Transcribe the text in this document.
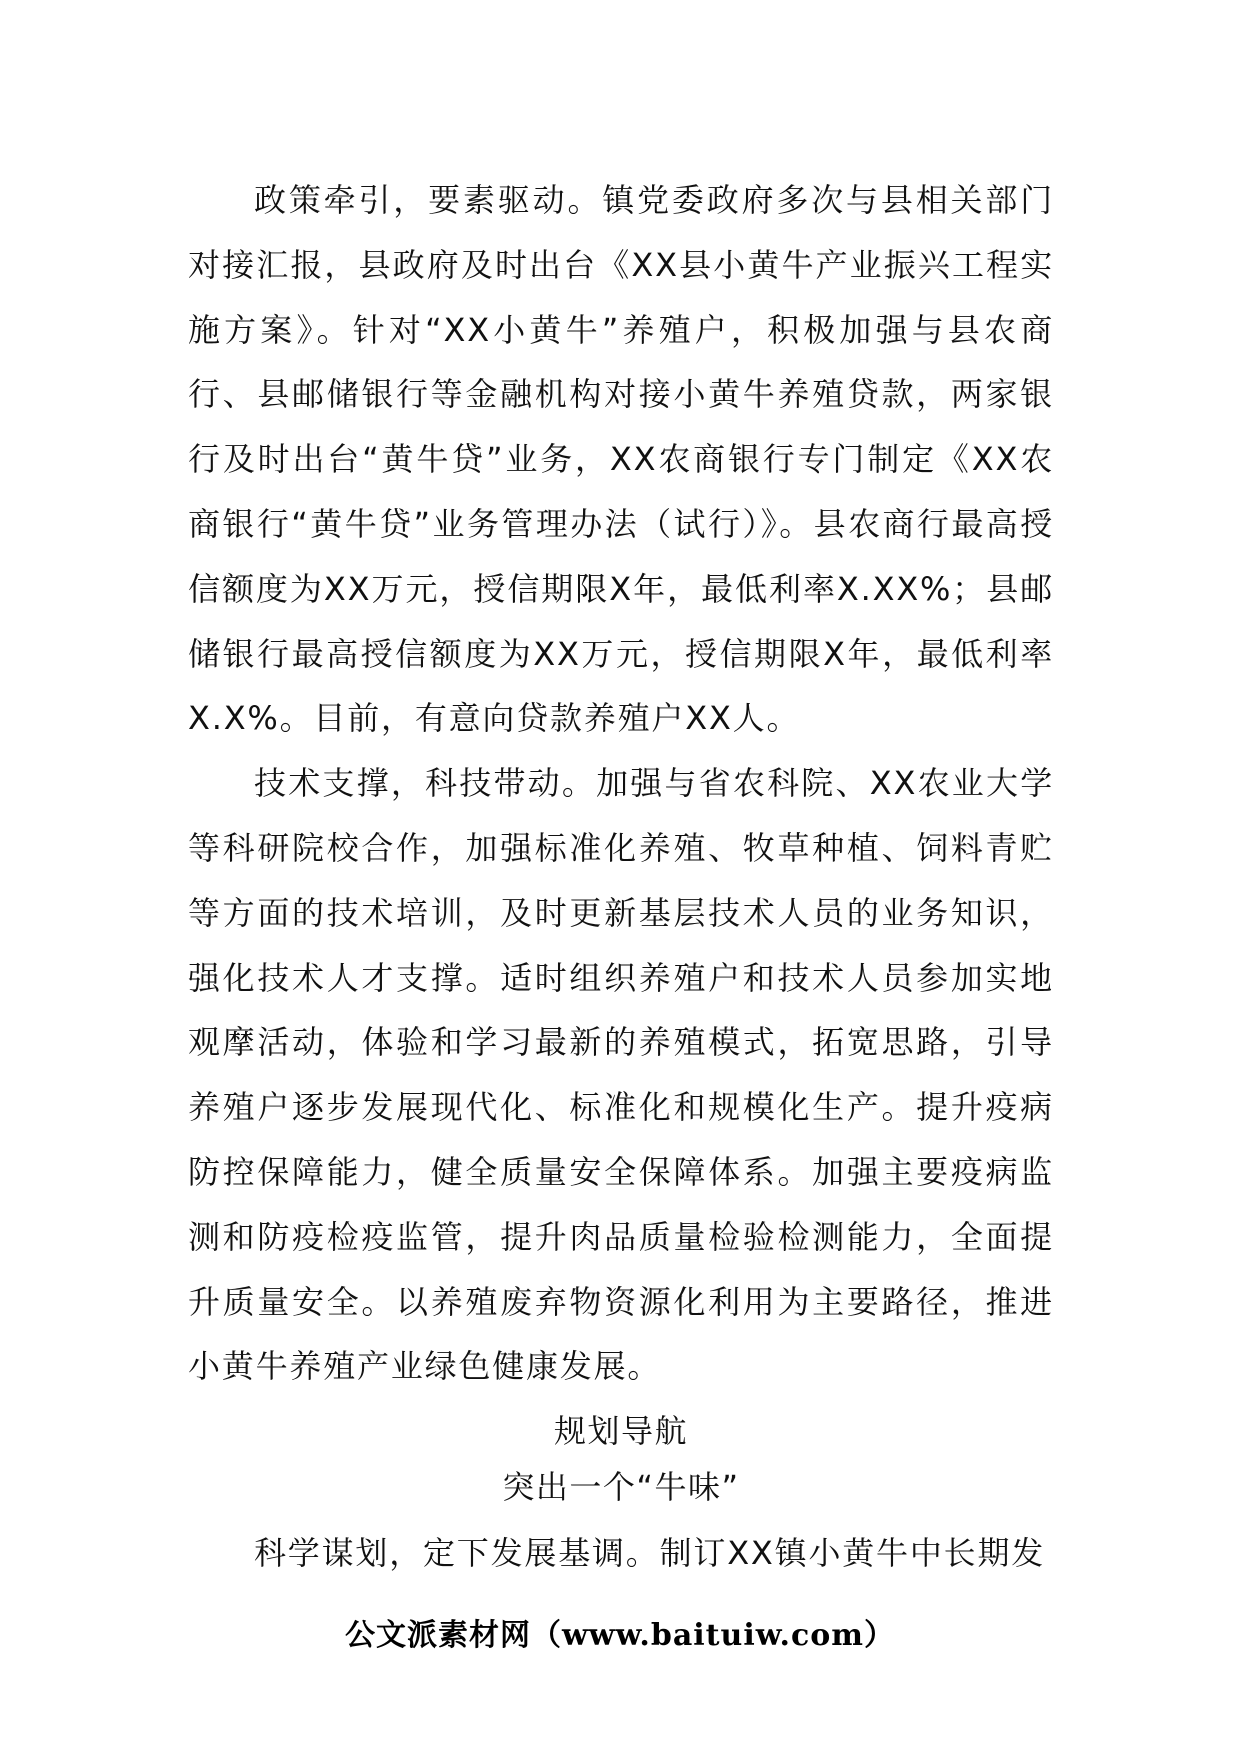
政策牵引，要素驱动。镇党委政府多次与县相关部门对接汇报，县政府及时出台《XX县小黄牛产业振兴工程实施方案》。针对“XX小黄牛”养殖户，积极加强与县农商行、县邮储银行等金融机构对接小黄牛养殖贷款，两家银行及时出台“黄牛贷”业务，XX农商银行专门制定《XX农商银行“黄牛贷”业务管理办法（试行）》。县农商行最高授信额度为XX万元，授信期限X年，最低利率X.XX%；县邮储银行最高授信额度为XX万元，授信期限X年，最低利率X.X%。目前，有意向贷款养殖户XX人。

技术支撑，科技带动。加强与省农科院、XX农业大学等科研院校合作，加强标准化养殖、牧草种植、饲料青贮等方面的技术培训，及时更新基层技术人员的业务知识，强化技术人才支撑。适时组织养殖户和技术人员参加实地观摩活动，体验和学习最新的养殖模式，拓宽思路，引导养殖户逐步发展现代化、标准化和规模化生产。提升疫病防控保障能力，健全质量安全保障体系。加强主要疫病监测和防疫检疫监管，提升肉品质量检验检测能力，全面提升质量安全。以养殖废弃物资源化利用为主要路径，推进小黄牛养殖产业绿色健康发展。

规划导航

突出一个“牛味”

科学谋划，定下发展基调。制订XX镇小黄牛中长期发

公文派素材网（www.baituiw.com）
